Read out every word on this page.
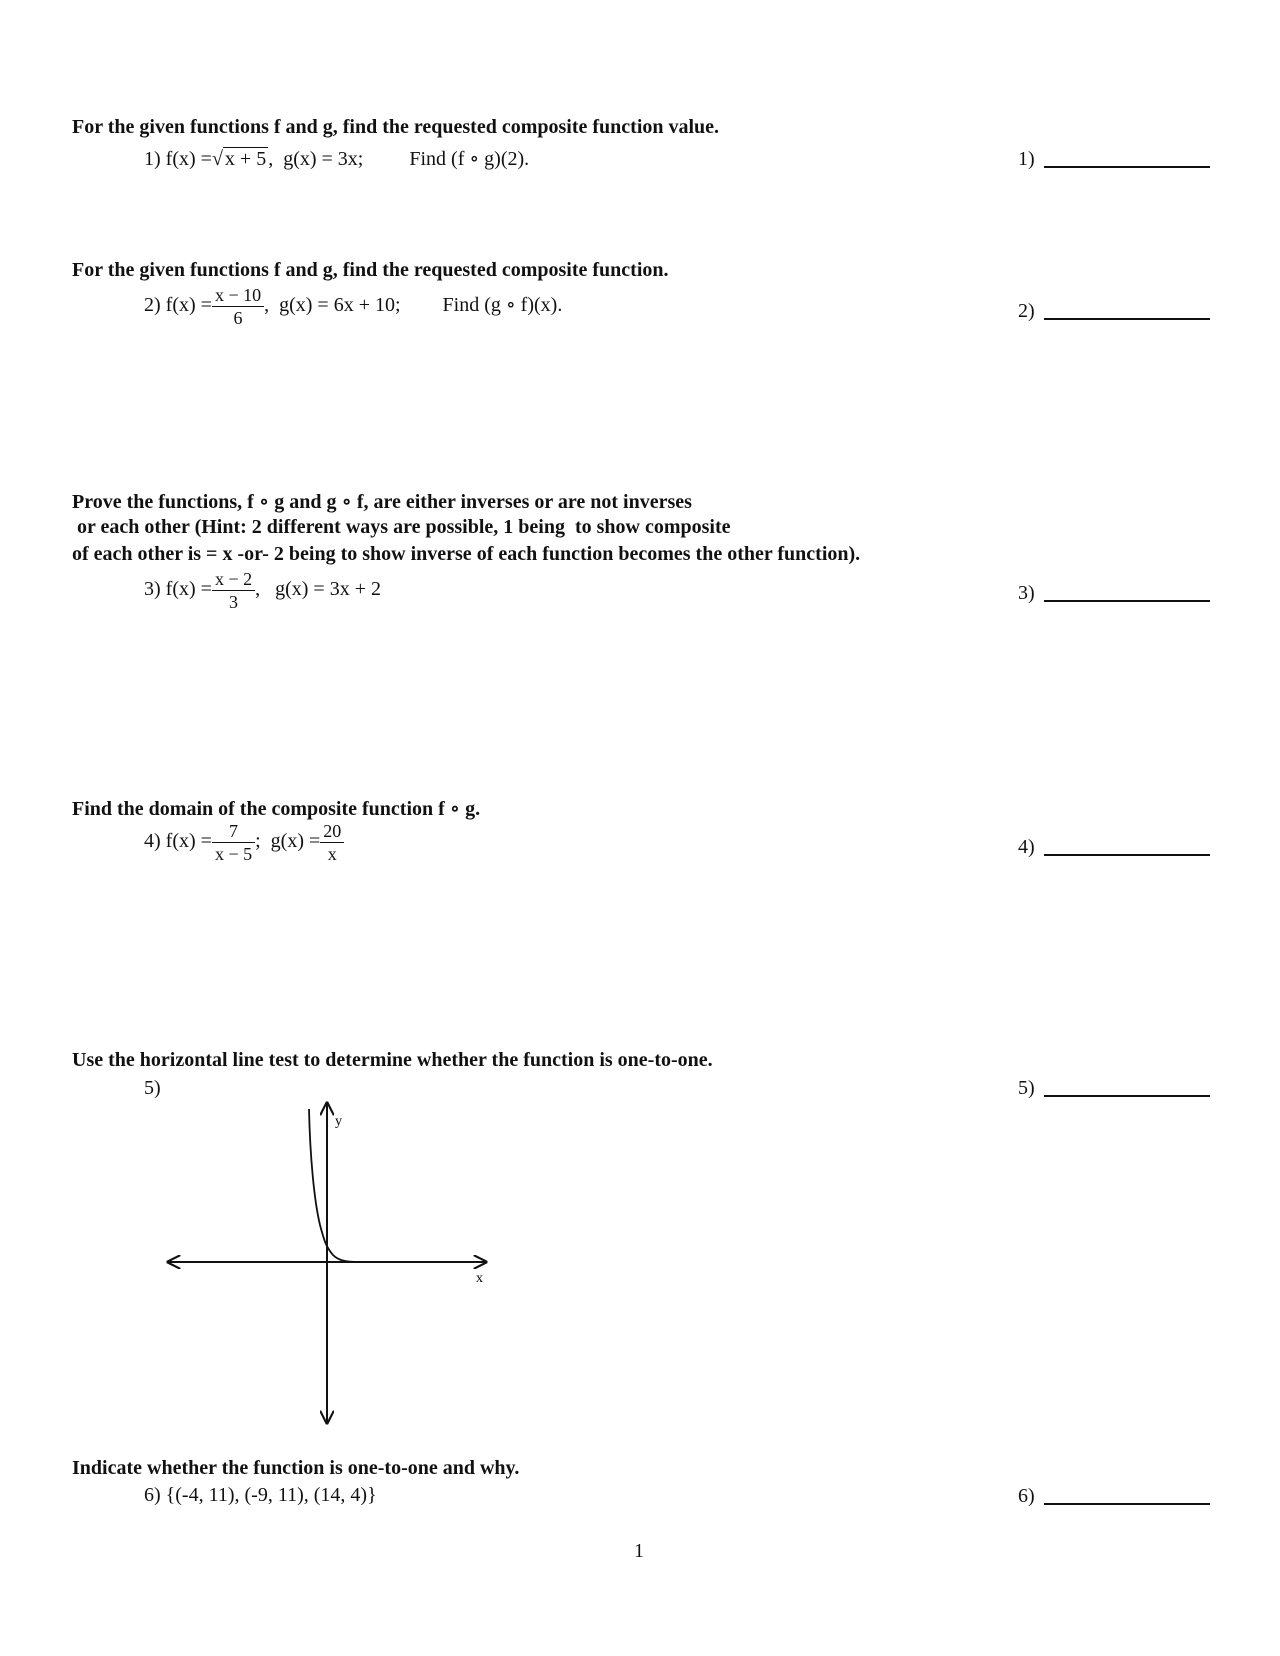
For the given functions f and g, find the requested composite function value.
1) f(x) =√ x + 5 , g(x) = 3x; Find (f ∘ g)(2).	1)
For the given functions f and g, find the requested composite function.
2) $f(x) = \frac{x - 10}{6}$ , g(x) = 6x + 10; Find (g ∘ f)(x).	2)
Prove the functions, f ∘ g and g ∘ f, are either inverses or are not inverses
or each other (Hint: 2 different ways are possible, 1 being  to show composite
of each other is = x -or- 2 being to show inverse of each function becomes the other function).
3) $f(x) = \frac{x - 2}{3}$ , g(x) = 3x + 2	3)
Find the domain of the composite function f ∘ g.
4) $f(x) = \frac{7}{x - 5}$ ; $g(x) = \frac{20}{x}$	4)
Use the horizontal line test to determine whether the function is one-to-one.
5)	5)
y
x
Indicate whether the function is one-to-one and why.
6) {(-4, 11), (-9, 11), (14, 4)}	6)
1
